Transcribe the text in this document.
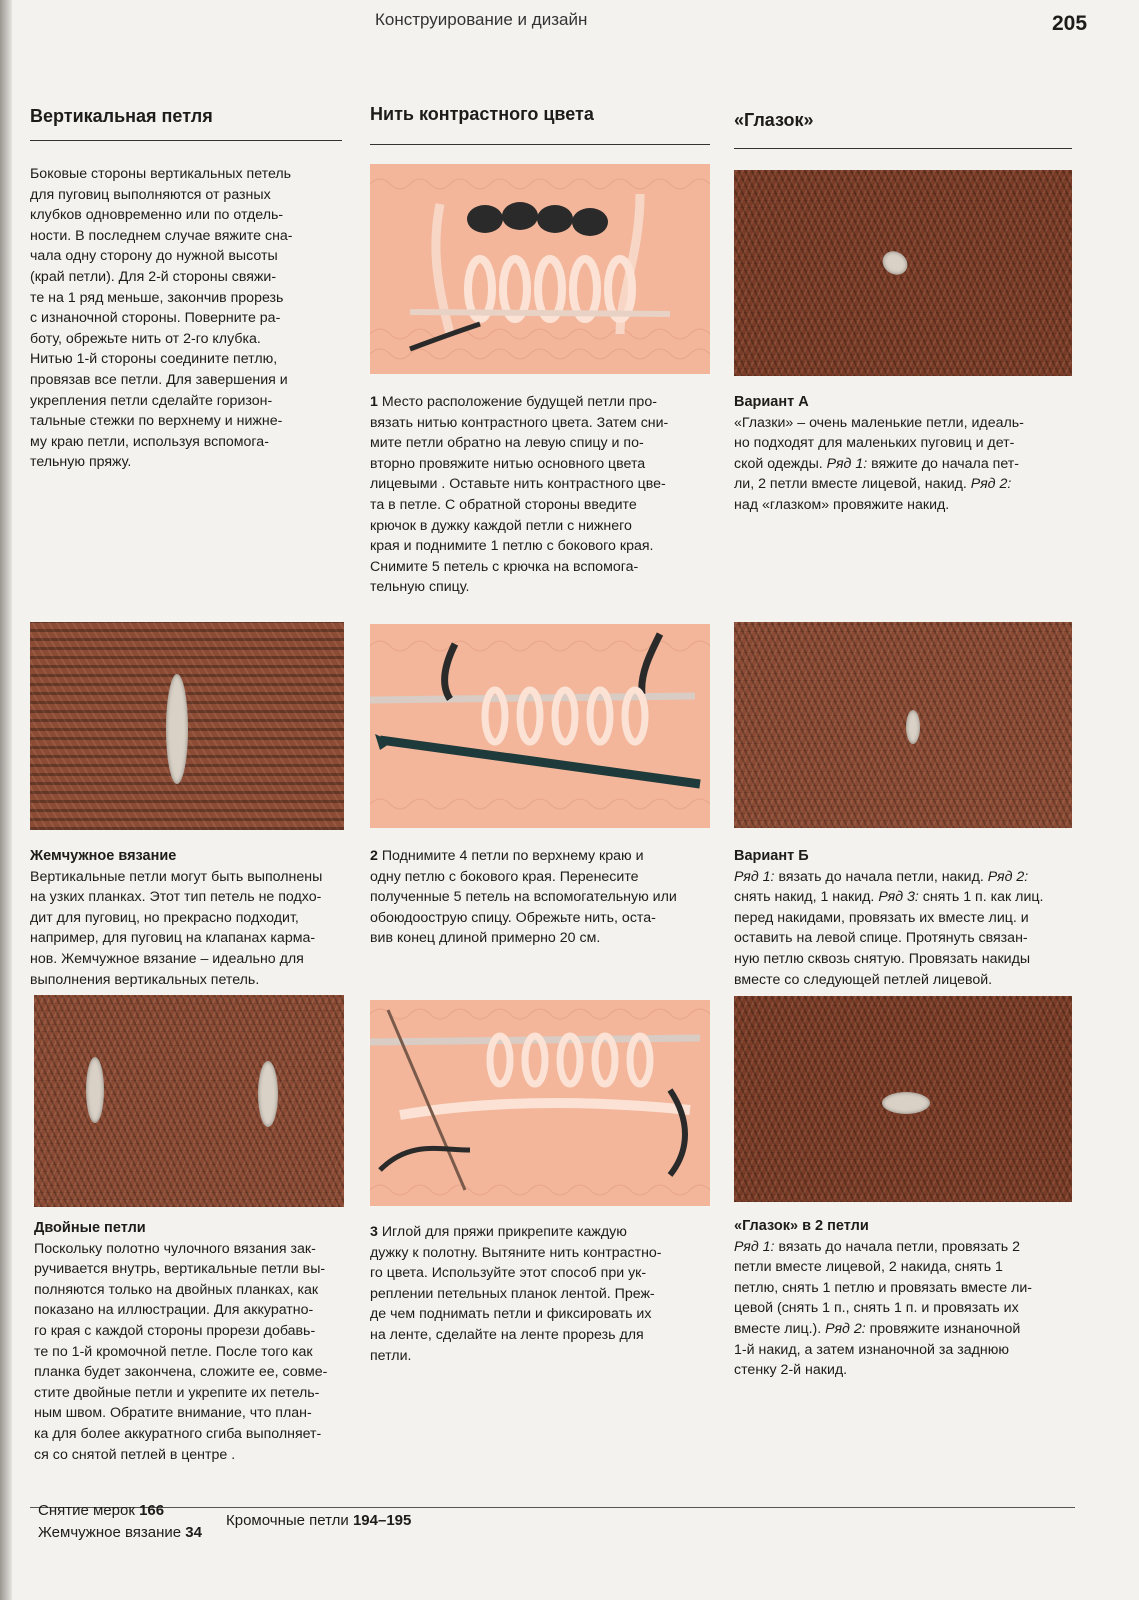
Конструирование и дизайн	205
Вертикальная петля	Нить контрастного цвета	«Глазок»

Боковые стороны вертикальных петель

для пуговиц выполняются от разных

клубков одновременно или по отдель-

ности. В последнем случае вяжите сна-

чала одну сторону до нужной высоты

(край петли). Для 2-й стороны свяжи-

те на 1 ряд меньше, закончив прорезь

с изнаночной стороны. Поверните ра-

боту, обрежьте нить от 2-го клубка.

Нитью 1-й стороны соедините петлю,

провязав все петли. Для завершения и

укрепления петли сделайте горизон-

тальные стежки по верхнему и нижне-

му краю петли, используя вспомога-

тельную пряжу.

Жемчужное вязание

Вертикальные петли могут быть выполнены

на узких планках. Этот тип петель не подхо-

дит для пуговиц, но прекрасно подходит,

например, для пуговиц на клапанах карма-

нов. Жемчужное вязание – идеально для

выполнения вертикальных петель.

Двойные петли

Поскольку полотно чулочного вязания зак-

ручивается внутрь, вертикальные петли вы-

полняются только на двойных планках, как

показано на иллюстрации. Для аккуратно-

го края с каждой стороны прорези добавь-

те по 1-й кромочной петле. После того как

планка будет закончена, сложите ее, совме-

стите двойные петли и укрепите их петель-

ным швом. Обратите внимание, что план-

ка для более аккуратного сгиба выполняет-

ся со снятой петлей в центре .

1 Место расположение будущей петли про-

вязать нитью контрастного цвета. Затем сни-

мите петли обратно на левую спицу и по-

вторно провяжите нитью основного цвета

лицевыми . Оставьте нить контрастного цве-

та в петле. С обратной стороны введите

крючок в дужку каждой петли с нижнего

края и поднимите 1 петлю с бокового края.

Снимите 5 петель с крючка на вспомога-

тельную спицу.

2 Поднимите 4 петли по верхнему краю и

одну петлю с бокового края. Перенесите

полученные 5 петель на вспомогательную или

обоюдоострую спицу. Обрежьте нить, оста-

вив конец длиной примерно 20 см.

3 Иглой для пряжи прикрепите каждую

дужку к полотну. Вытяните нить контрастно-

го цвета. Используйте этот способ при ук-

реплении петельных планок лентой. Преж-

де чем поднимать петли и фиксировать их

на ленте, сделайте на ленте прорезь для

петли.

Вариант А

«Глазки» – очень маленькие петли, идеаль-

но подходят для маленьких пуговиц и дет-

ской одежды. Ряд 1: вяжите до начала пет-

ли, 2 петли вместе лицевой, накид. Ряд 2:

над «глазком» провяжите накид.

Вариант Б

Ряд 1: вязать до начала петли, накид. Ряд 2:

снять накид, 1 накид. Ряд 3: снять 1 п. как лиц.

перед накидами, провязать их вместе лиц. и

оставить на левой спице. Протянуть связан-

ную петлю сквозь снятую. Провязать накиды

вместе со следующей петлей лицевой.

«Глазок» в 2 петли

Ряд 1: вязать до начала петли, провязать 2

петли вместе лицевой, 2 накида, снять 1

петлю, снять 1 петлю и провязать вместе ли-

цевой (снять 1 п., снять 1 п. и провязать их

вместе лиц.). Ряд 2: провяжите изнаночной

1-й накид, а затем изнаночной за заднюю

стенку 2-й накид.

Снятие мерок 166
Жемчужное вязание 34
Кромочные петли 194–195
